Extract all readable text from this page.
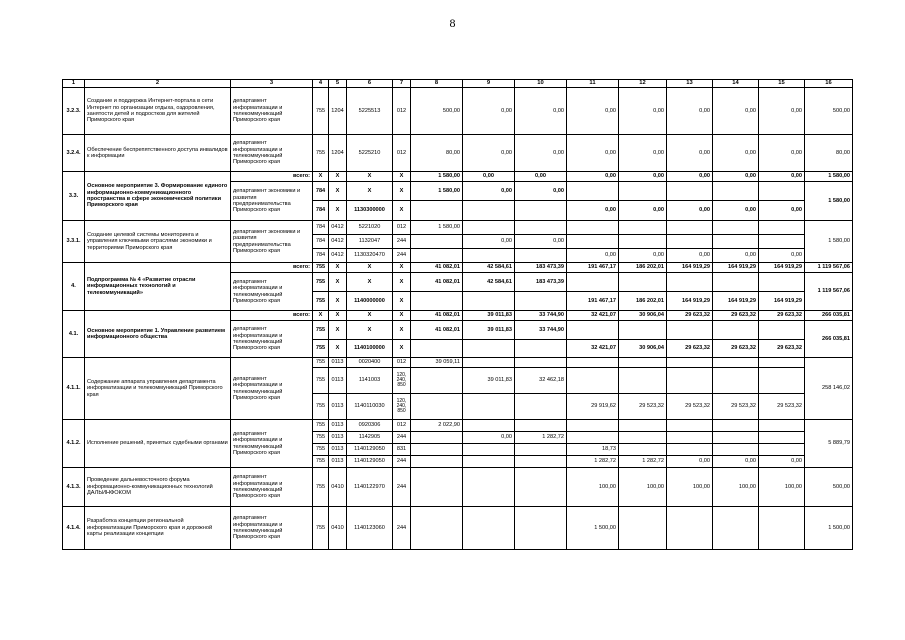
8
1	2	3	4	5	6	7	8	9	10	11	12	13	14	15	16
3.2.3.	Создание и поддержка Интернет-портала в сети Интернет по организации отдыха, оздоровления, занятости детей и подростков для жителей Приморского края	департамент информатизации и телекоммуникаций Приморского края	755	1204	5225513	012	500,00	0,00	0,00	0,00	0,00	0,00	0,00	0,00	500,00
3.2.4.	Обеспечение беспрепятственного доступа инвалидов к информации	департамент информатизации и телекоммуникаций Приморского края	755	1204	5225210	012	80,00	0,00	0,00	0,00	0,00	0,00	0,00	0,00	80,00
3.3.	Основное мероприятие 3. Формирование единого информационно-коммуникационного пространства в сфере экономической политики Приморского края	всего:	Х	Х	Х	Х	1 580,00	0,00	0,00	0,00	0,00	0,00	0,00	0,00	1 580,00
		департамент экономики и развития предпринимательства Приморского края	784	Х	Х	Х	1 580,00	0,00	0,00						1 580,00
			784	Х	1130300000	Х				0,00	0,00	0,00	0,00	0,00	
3.3.1.	Создание целевой системы мониторинга и управления ключевыми отраслями экономики и территориями Приморского края	департамент экономики и развития предпринимательства Приморского края	784	0412	5221020	012	1 580,00								1 580,00
			784	0412	1132047	244		0,00	0,00						
			784	0412	1130320470	244				0,00	0,00	0,00	0,00	0,00	
4.	Подпрограмма № 4 «Развитие отрасли информационных технологий и телекоммуникаций»	всего:	755	Х	Х	Х	41 082,01	42 584,61	183 473,39	191 467,17	186 202,01	164 919,29	164 919,29	164 919,29	1 119 567,06
		департамент информатизации и телекоммуникаций Приморского края	755	Х	Х	Х	41 082,01	42 584,61	183 473,39						1 119 567,06
			755	Х	1140000000	Х				191 467,17	186 202,01	164 919,29	164 919,29	164 919,29	
4.1.	Основное мероприятие 1. Управление развитием информационного общества	всего:	Х	Х	Х	Х	41 082,01	39 011,83	33 744,90	32 421,07	30 906,04	29 623,32	29 623,32	29 623,32	266 035,81
		департамент информатизации и телекоммуникаций Приморского края	755	Х	Х	Х	41 082,01	39 011,83	33 744,90						266 035,81
			755	Х	1140100000	Х				32 421,07	30 906,04	29 623,32	29 623,32	29 623,32	
4.1.1.	Содержание аппарата управления департамента информатизации и телекоммуникаций Приморского края	департамент информатизации и телекоммуникаций Приморского края	755	0113	0020400	012	39 059,11								258 146,02
			755	0113	1141003	120, 240, 850		39 011,83	32 462,18						
			755	0113	1140110030	120, 240, 850				29 919,62	29 523,32	29 523,32	29 523,32	29 523,32	
4.1.2.	Исполнение решений, принятых судебными органами	департамент информатизации и телекоммуникаций Приморского края	755	0113	0920306	012	2 022,90								5 889,79
			755	0113	1142905	244		0,00	1 282,72						
			755	0113	1140129050	831				18,73					
			755	0113	1140129050	244				1 282,72	1 282,72	0,00	0,00	0,00	
4.1.3.	Проведение дальневосточного форума информационно-коммуникационных технологий ДАЛЬИНФОКОМ	департамент информатизации и телекоммуникаций Приморского края	755	0410	1140122970	244				100,00	100,00	100,00	100,00	100,00	500,00
4.1.4.	Разработка концепции региональной информатизации Приморского края и дорожной карты реализации концепции	департамент информатизации и телекоммуникаций Приморского края	755	0410	1140123060	244				1 500,00					1 500,00
